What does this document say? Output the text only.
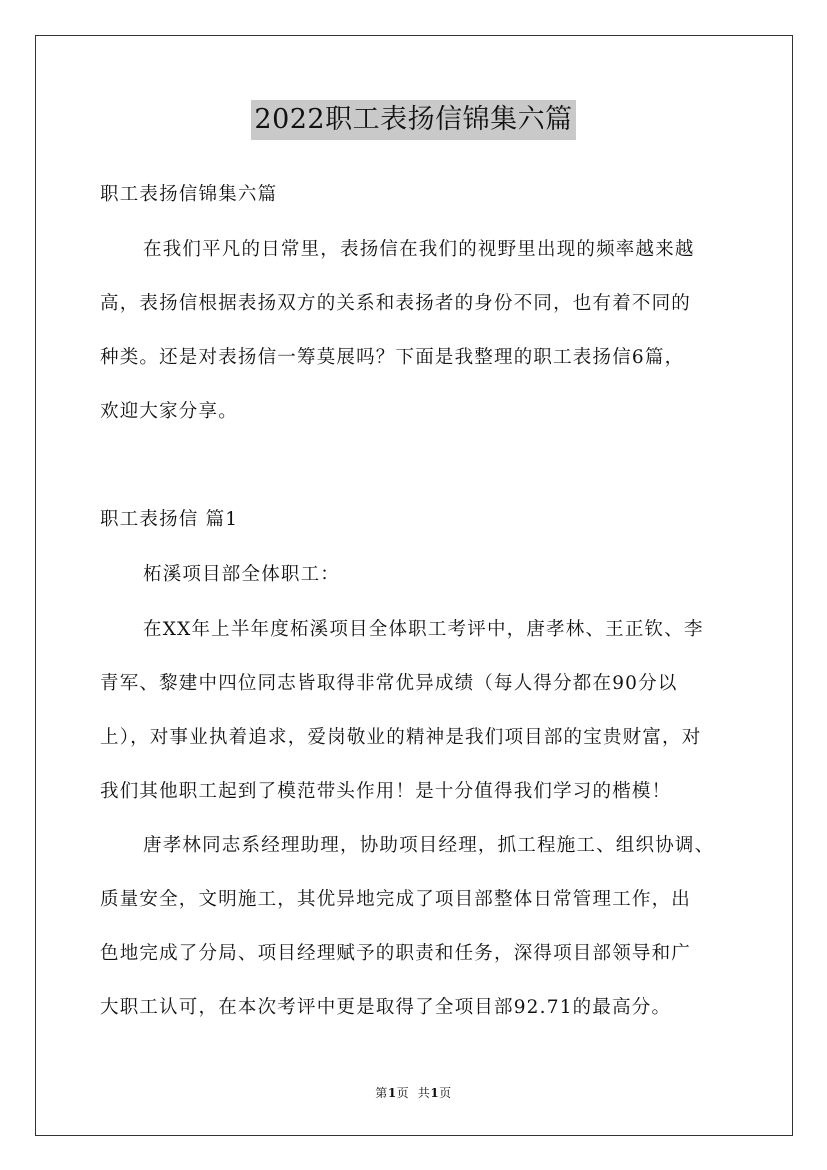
2022职工表扬信锦集六篇
职工表扬信锦集六篇
在我们平凡的日常里，表扬信在我们的视野里出现的频率越来越
高，表扬信根据表扬双方的关系和表扬者的身份不同，也有着不同的
种类。还是对表扬信一筹莫展吗？下面是我整理的职工表扬信6篇，
欢迎大家分享。
职工表扬信 篇1
柘溪项目部全体职工：
在XX年上半年度柘溪项目全体职工考评中，唐孝林、王正钦、李
青军、黎建中四位同志皆取得非常优异成绩（每人得分都在90分以
上），对事业执着追求，爱岗敬业的精神是我们项目部的宝贵财富，对
我们其他职工起到了模范带头作用！是十分值得我们学习的楷模！
唐孝林同志系经理助理，协助项目经理，抓工程施工、组织协调、
质量安全，文明施工，其优异地完成了项目部整体日常管理工作，出
色地完成了分局、项目经理赋予的职责和任务，深得项目部领导和广
大职工认可，在本次考评中更是取得了全项目部92.71的最高分。
第1页  共1页
